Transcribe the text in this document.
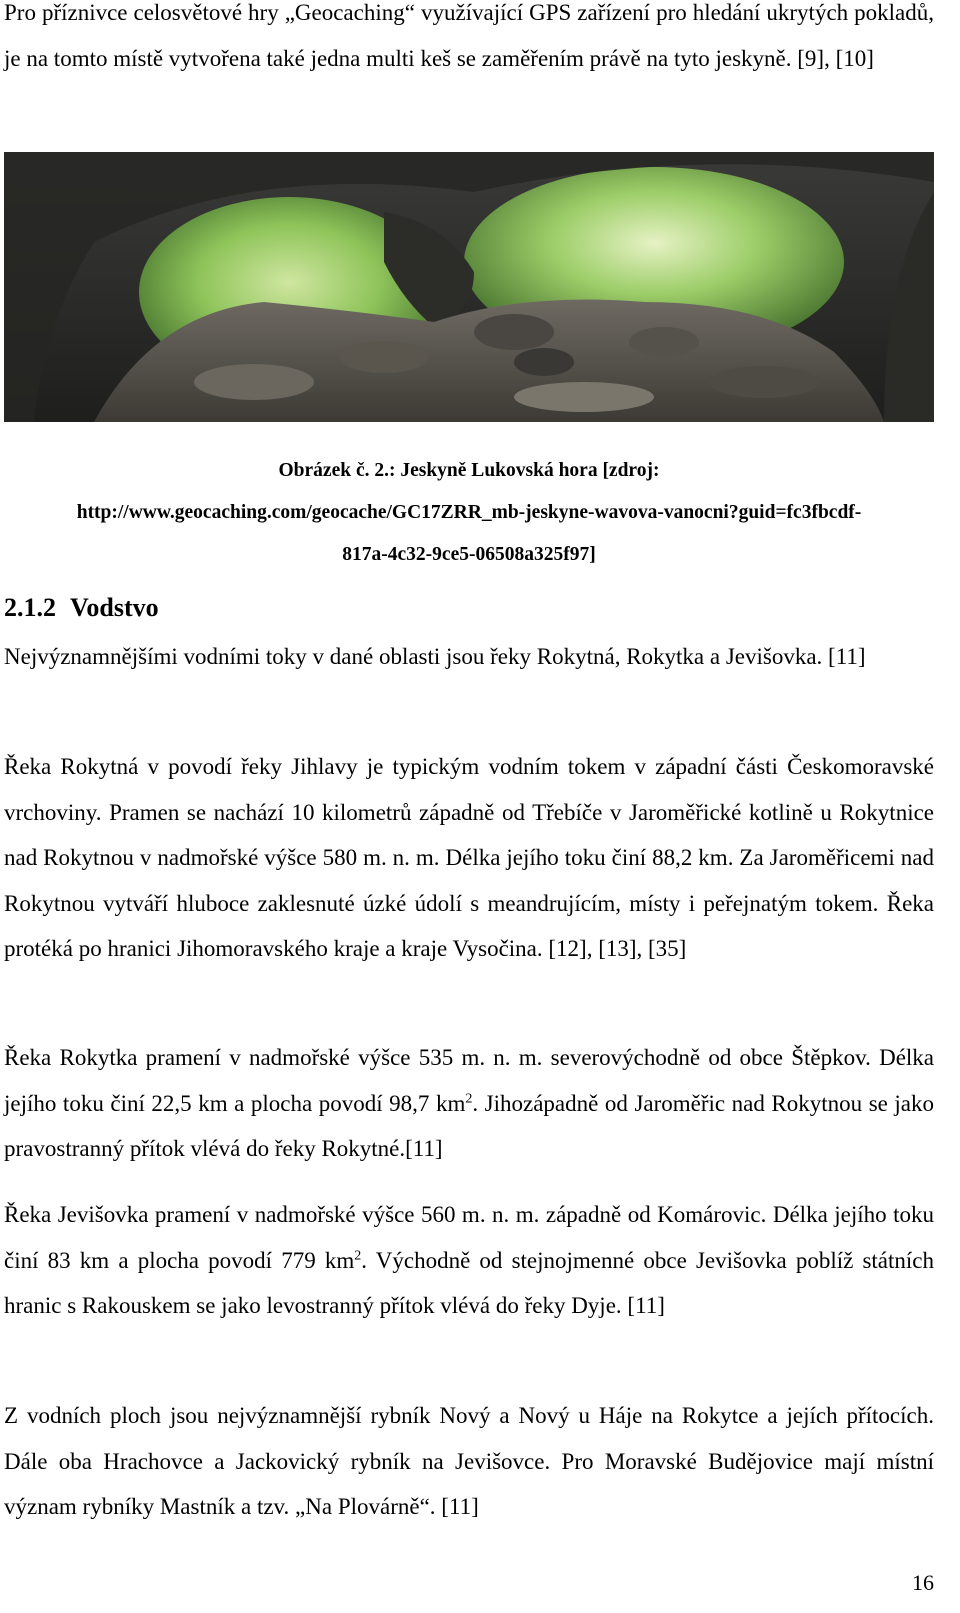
Pro příznivce celosvětové hry „Geocaching“ využívající GPS zařízení pro hledání ukrytých pokladů, je na tomto místě vytvořena také jedna multi keš se zaměřením právě na tyto jeskyně. [9], [10]

Obrázek č. 2.: Jeskyně Lukovská hora [zdroj:
http://www.geocaching.com/geocache/GC17ZRR_mb-jeskyne-wavova-vanocni?guid=fc3fbcdf-
817a-4c32-9ce5-06508a325f97]
2.1.2 Vodstvo

Nejvýznamnějšími vodními toky v dané oblasti jsou řeky Rokytná, Rokytka a Jevišovka. [11]

Řeka Rokytná v povodí řeky Jihlavy je typickým vodním tokem v západní části Českomoravské vrchoviny. Pramen se nachází 10 kilometrů západně od Třebíče v Jaroměřické kotlině u Rokytnice nad Rokytnou v nadmořské výšce 580 m. n. m. Délka jejího toku činí 88,2 km. Za Jaroměřicemi nad Rokytnou vytváří hluboce zaklesnuté úzké údolí s meandrujícím, místy i peřejnatým tokem. Řeka protéká po hranici Jihomoravského kraje a kraje Vysočina. [12], [13], [35]

Řeka Rokytka pramení v nadmořské výšce 535 m. n. m. severovýchodně od obce Štěpkov. Délka jejího toku činí 22,5 km a plocha povodí 98,7 $km^2$. Jihozápadně od Jaroměřic nad Rokytnou se jako pravostranný přítok vlévá do řeky Rokytné.[11]

Řeka Jevišovka pramení v nadmořské výšce 560 m. n. m. západně od Komárovic. Délka jejího toku činí 83 km a plocha povodí 779 $km^2$. Východně od stejnojmenné obce Jevišovka poblíž státních hranic s Rakouskem se jako levostranný přítok vlévá do řeky Dyje. [11]

Z vodních ploch jsou nejvýznamnější rybník Nový a Nový u Háje na Rokytce a jejích přítocích. Dále oba Hrachovce a Jackovický rybník na Jevišovce. Pro Moravské Budějovice mají místní význam rybníky Mastník a tzv. „Na Plovárně“. [11]

16
